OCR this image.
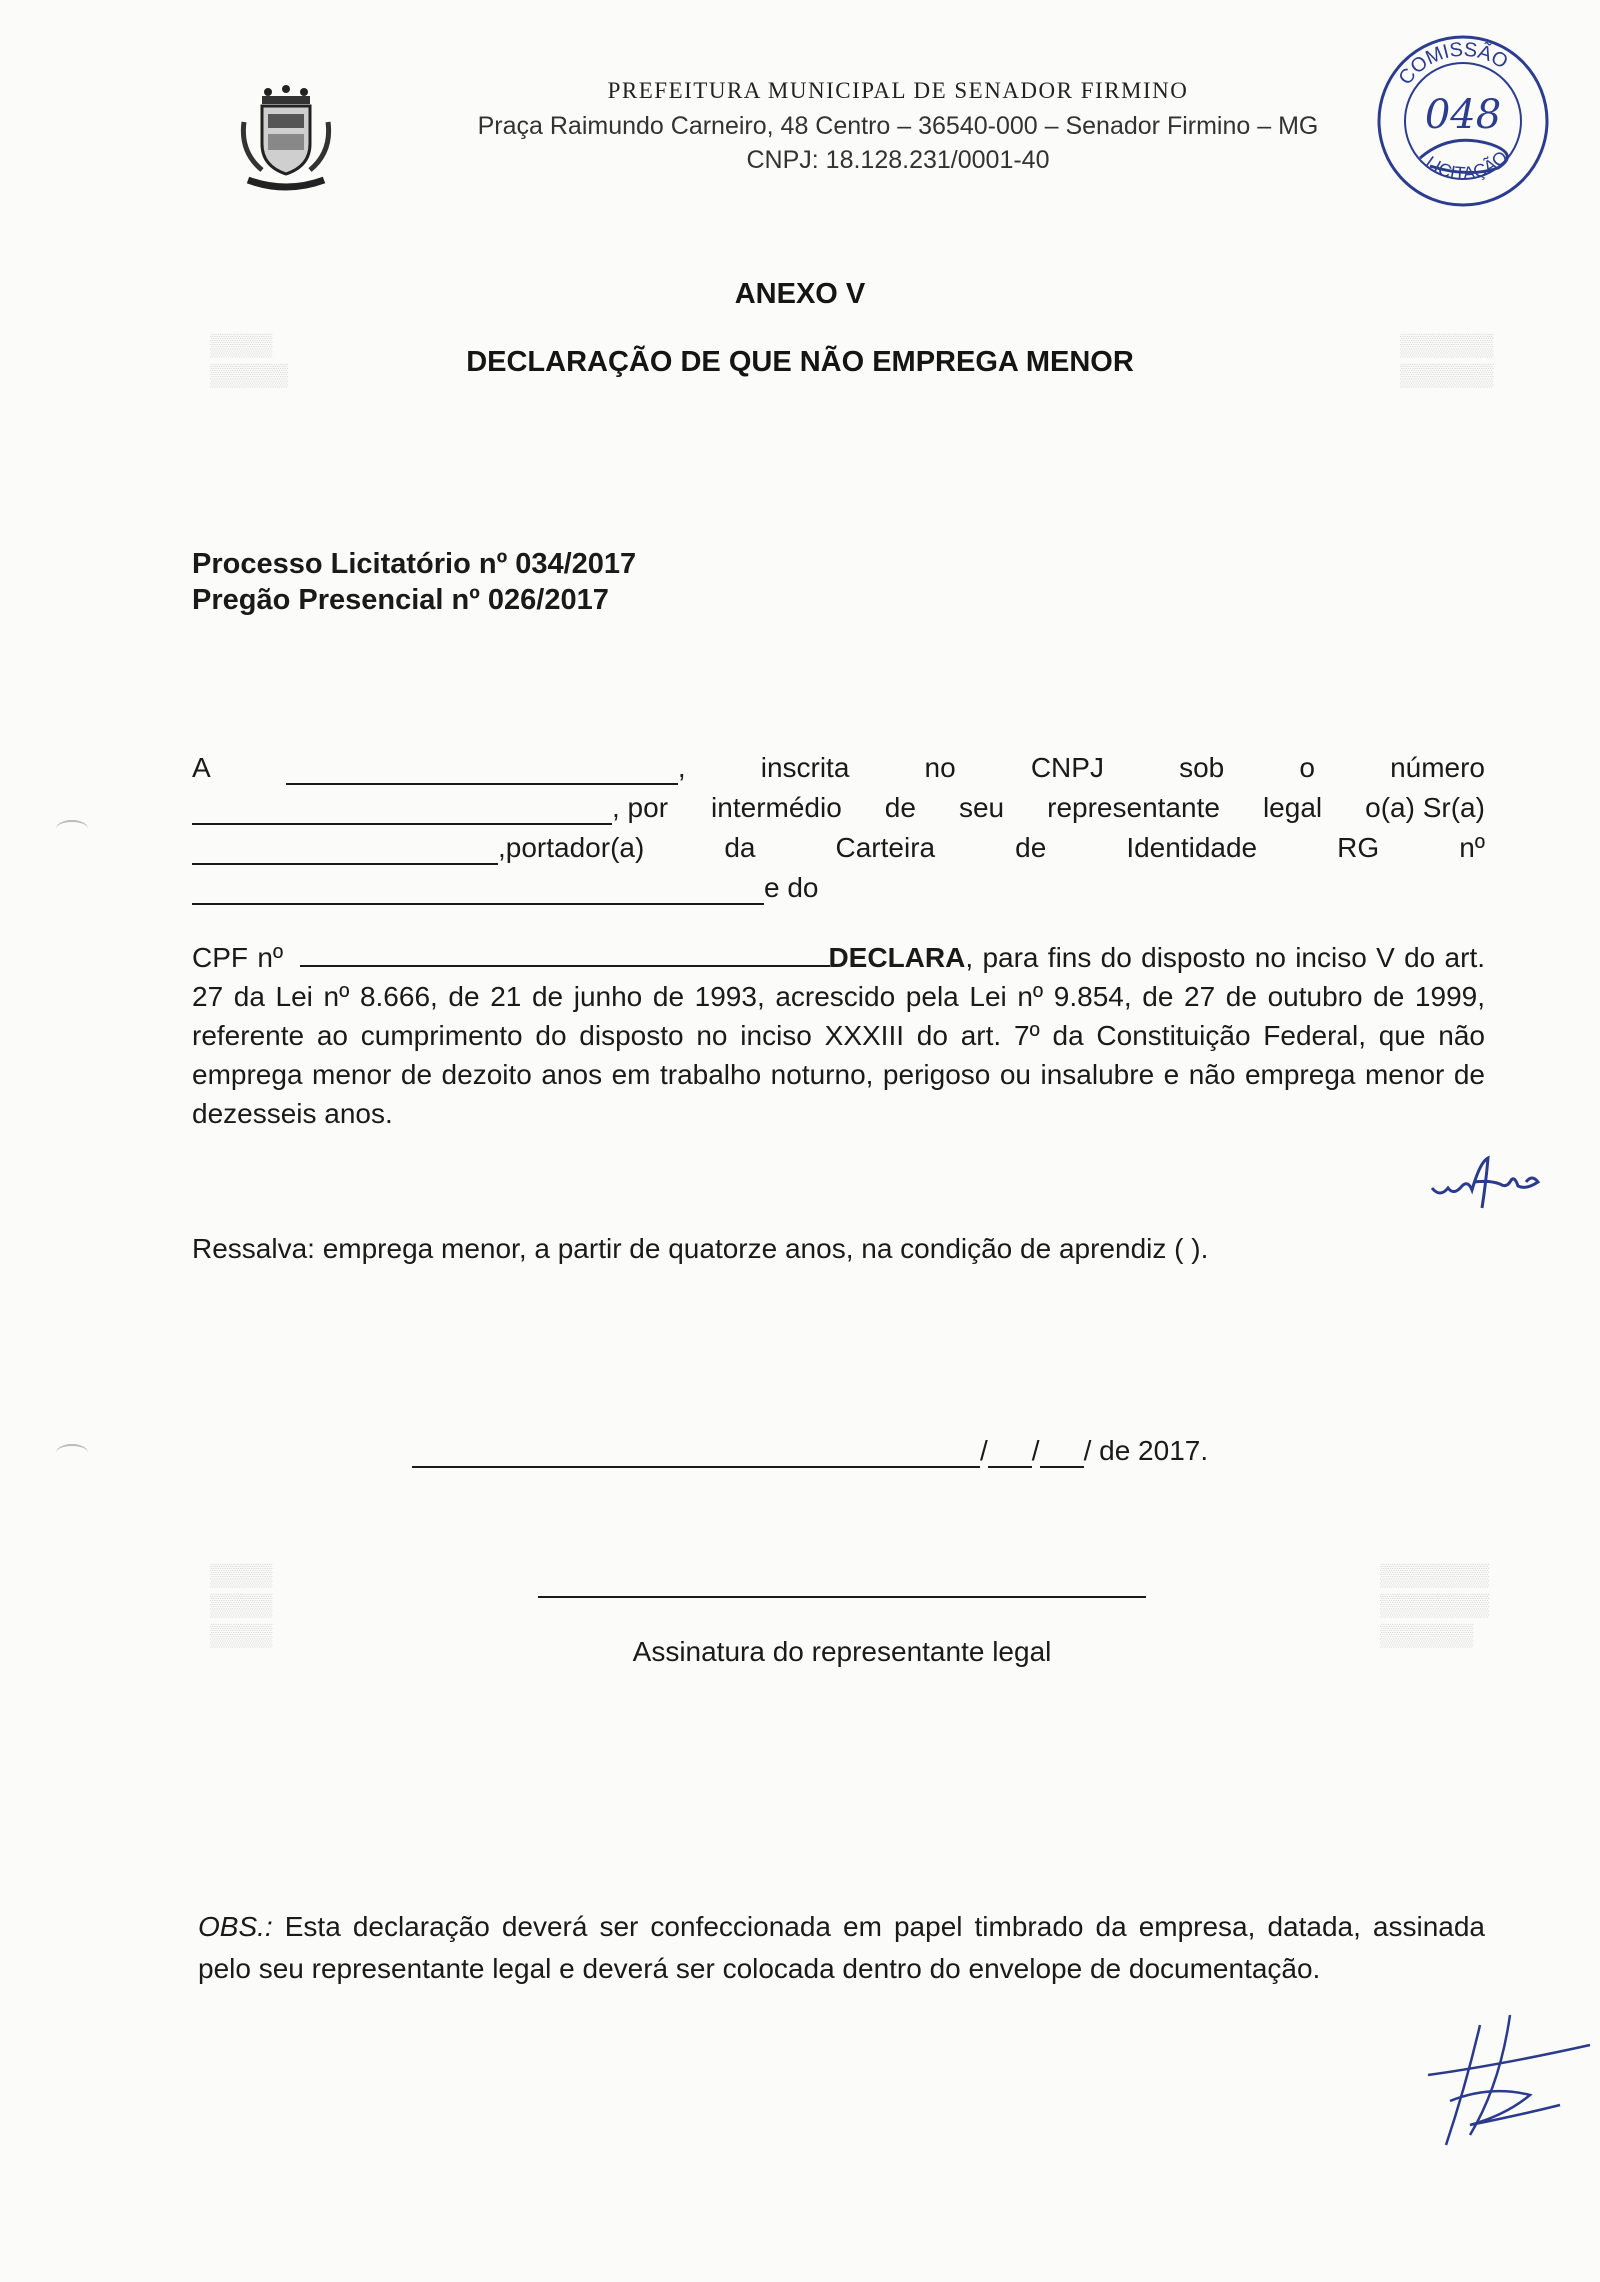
▒▒▒▒
▒▒▒▒▒
▒▒▒▒▒▒
▒▒▒▒▒▒
▒▒▒▒
▒▒▒▒
▒▒▒▒
▒▒▒▒▒▒▒
▒▒▒▒▒▒▒
▒▒▒▒▒▒
PREFEITURA MUNICIPAL DE SENADOR FIRMINO
Praça Raimundo Carneiro, 48 Centro – 36540-000 – Senador Firmino – MG
CNPJ: 18.128.231/0001-40
COMISSÃO
LICITAÇÃO
048
ANEXO V
DECLARAÇÃO DE QUE NÃO EMPREGA MENOR
Processo Licitatório nº 034/2017
Pregão Presencial nº 026/2017
A	,	inscrita	no	CNPJ	sob	o	número
, por intermédio de seu representante legal o(a) Sr(a)
,portador(a)	da	Carteira	de	Identidade	RG	nº
e do
CPF nº	DECLARA, para fins do disposto no inciso V do art. 27 da Lei nº 8.666, de 21 de junho de 1993, acrescido pela Lei nº 9.854, de 27 de outubro de 1999, referente ao cumprimento do disposto no inciso XXXIII do art. 7º da Constituição Federal, que não emprega menor de dezoito anos em trabalho noturno, perigoso ou insalubre e não emprega menor de dezesseis anos.
Ressalva: emprega menor, a partir de quatorze anos, na condição de aprendiz ( ).
/ / / de 2017.
Assinatura do representante legal
OBS.: Esta declaração deverá ser confeccionada em papel timbrado da empresa, datada, assinada pelo seu representante legal e deverá ser colocada dentro do envelope de documentação.
